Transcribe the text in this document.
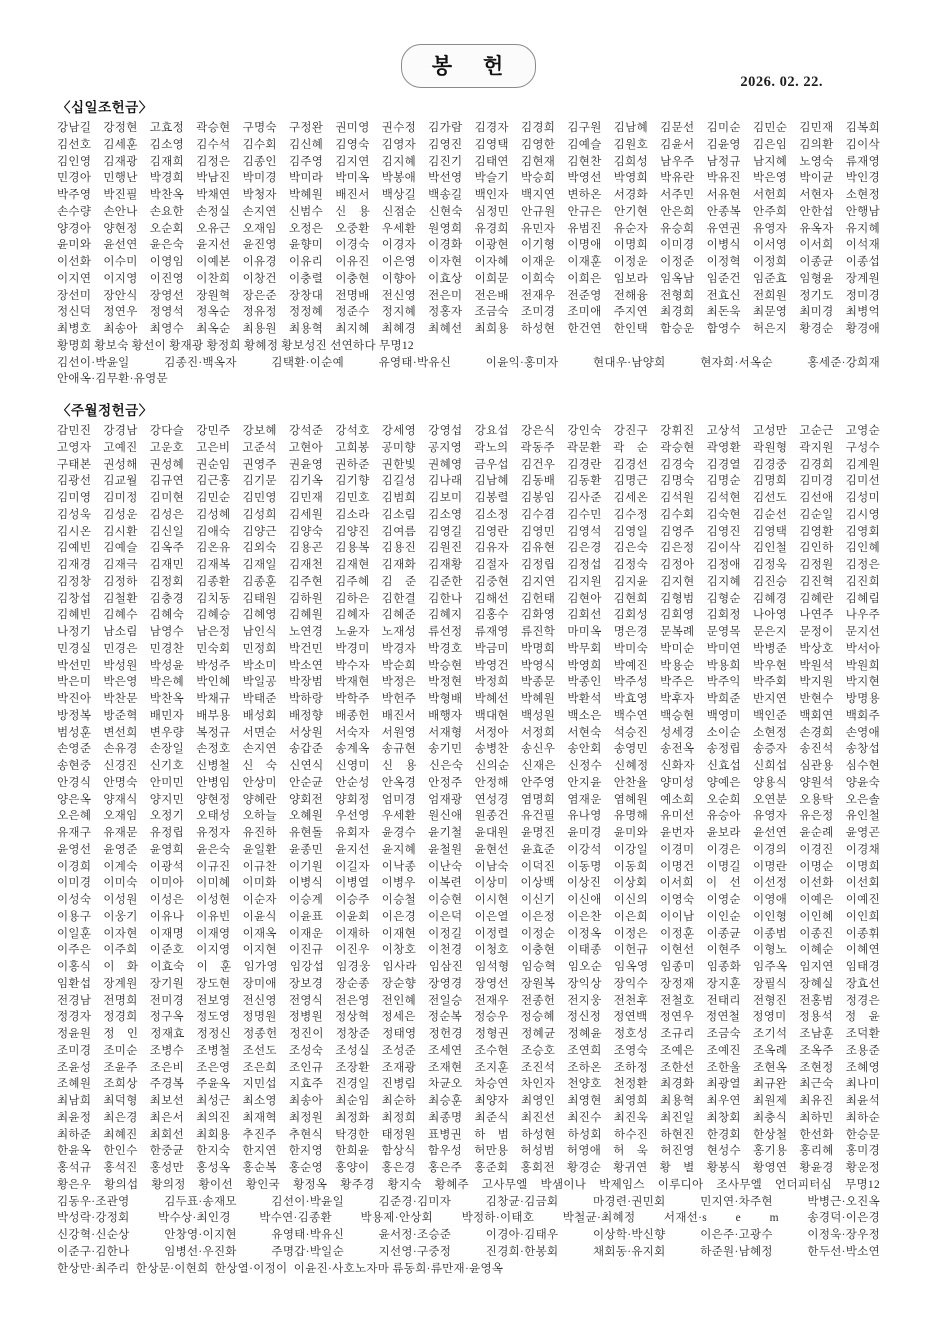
봉    헌
2026. 02. 22.
〈십일조헌금〉
강남길 강정현 고효정 곽승현 구명숙 구정완 권미영 권수정 김가람 김경자 김경희 김구원 김남혜 김문선 김미순 김민순 김민재 김복희
김선호 김세훈 김소영 김수석 김수회 김신혜 김영숙 김영자 김영진 김영택 김영한 김예슬 김원호 김윤서 김윤영 김은임 김의환 김이삭
김인영 김재광 김재희 김정은 김종인 김주영 김지연 김지혜 김진기 김태연 김현재 김현찬 김희성 남우주 남정규 남지혜 노영숙 류재영
민경아 민행난 박경희 박남진 박미경 박미라 박미옥 박봉애 박선영 박슬기 박승희 박영선 박영희 박유란 박유진 박은영 박이균 박인경
박주영 박진필 박찬옥 박채연 박청자 박혜원 배진서 백상길 백송길 백인자 백지연 변하온 서경화 서주민 서유현 서헌희 서현자 소현정
손수량 손안나 손요한 손정실 손지연 신범수 신 용 신점순 신현숙 심정민 안규원 안규은 안기현 안은희 안종복 안주희 안한섭 안행남
양경아 양현정 오순회 오유근 오재임 오정은 오중환 우세환 원영희 유경희 유민자 유범진 유순자 유승희 유연권 유영자 유옥자 유지혜
윤미와 윤선연 윤은숙 윤지선 윤진영 윤향미 이경숙 이경자 이경화 이광현 이기형 이명애 이명희 이미경 이병식 이서영 이서희 이석재
이선화 이수미 이영임 이예본 이유경 이유리 이유진 이은영 이자현 이자혜 이재운 이재훈 이정운 이정준 이정혁 이정희 이종균 이종섭
이지연 이지영 이진영 이찬희 이창건 이충렬 이충현 이향아 이효상 이희문 이희숙 이희은 임보라 임옥남 임준건 임준효 임형윤 장계원
장선미 장안식 장영선 장원혁 장은준 장창대 전명배 전신영 전은미 전은배 전재우 전준영 전해융 전형희 전효신 전희원 정기도 정미경
정신덕 정연우 정영석 정옥순 정유정 정정혜 정준수 정지혜 정홍자 조금숙 조미경 조미애 주지연 최경희 최돈욱 최문영 최미경 최병억
최병호 최송아 최영수 최옥순 최용원 최용혁 최지혜 최혜경 최혜선 최희용 하성현 한건연 한인택 함승운 함영수 허은지 황경순 황경애
황명희 황보숙 황선이 황재광 황정희 황혜정 황보성진 선연하다 무명12
김선이·박윤일 김종진·백옥자 김택환·이순예 유영태·박유신 이윤익·홍미자 현대우·남양희 현자희·서옥순 홍세준·강희재
안애옥·김무환·유영문
〈주월정헌금〉
감민진 강경남 강다슬 강민주 강보혜 강석준 강석호 강세영 강영섭 강요섭 강은식 강인숙 강진구 강휘진 고상석 고성만 고순근 고영순
고영자 고예진 고운호 고은비 고준석 고현아 고희봉 공미향 공지영 곽노의 곽동주 곽문환 곽 순 곽승현 곽영환 곽원형 곽지원 구성수
구태본 권성해 권성혜 권순임 권영주 권윤영 권하준 권한빛 권혜영 금우섭 김건우 김경란 김경선 김경숙 김경열 김경중 김경희 김계원
김광선 김교월 김규연 김근홍 김기문 김기옥 김기향 김길성 김나래 김남혜 김동배 김동환 김명근 김명숙 김명순 김명희 김미경 김미선
김미영 김미정 김미현 김민순 김민영 김민재 김민호 김범희 김보미 김봉렬 김봉임 김사준 김세온 김석원 김석현 김선도 김선애 김성미
김성욱 김성운 김성은 김성혜 김성희 김세원 김소라 김소림 김소영 김소정 김수겸 김수민 김수정 김수회 김숙현 김순선 김순일 김시영
김시온 김시환 김신일 김애숙 김양근 김양숙 김양진 김여름 김영길 김영란 김영민 김영석 김영일 김영주 김영진 김영택 김영환 김영회
김예빈 김예슬 김옥주 김온유 김외숙 김용곤 김용복 김용진 김원진 김유자 김유현 김은경 김은숙 김은정 김이삭 김인철 김인하 김인혜
김재경 김재극 김재민 김재복 김재일 김재천 김재현 김재화 김재황 김절자 김정립 김정섭 김정숙 김정아 김정애 김정욱 김정원 김정은
김정창 김정하 김정회 김종환 김종훈 김주현 김주혜 김 준 김준한 김중현 김지연 김지원 김지윤 김지현 김지혜 김진승 김진혁 김진희
김창섭 김철환 김충경 김치동 김태원 김하원 김하은 김한결 김한나 김해선 김헌태 김현아 김현희 김형범 김형순 김혜경 김혜란 김혜림
김혜빈 김혜수 김혜숙 김혜승 김혜영 김혜원 김혜자 김혜준 김혜지 김홍수 김화영 김회선 김회성 김회영 김회정 나아영 나연주 나우주
나정기 남소림 남영수 남은정 남인식 노연경 노윤자 노재성 류선정 류재영 류진학 마미옥 명은경 문복례 문영목 문은지 문정이 문지선
민경실 민경은 민경찬 민숙회 민정희 박건민 박경미 박경자 박경호 박금미 박명희 박무회 박미숙 박미순 박미연 박병준 박상호 박서아
박선민 박성원 박성윤 박성주 박소미 박소연 박수자 박순희 박승현 박영건 박영식 박영희 박예진 박용순 박용희 박우현 박원석 박원희
박은미 박은영 박은혜 박인혜 박일공 박장범 박재현 박정은 박정현 박정희 박종문 박종인 박주성 박주은 박주익 박주회 박지원 박지현
박진아 박찬문 박찬옥 박채규 박태준 박하랑 박학주 박헌주 박형배 박혜선 박혜원 박환석 박효영 박후자 박희준 반지연 반현수 방명용
방정복 방준혁 배민자 배부용 배성회 배정향 배종헌 배진서 배행자 백대현 백성원 백소은 백수연 백승현 백영미 백인준 백회연 백회주
범성훈 변선희 변우량 복정규 서면순 서상원 서숙자 서원영 서재형 서정아 서정희 서현숙 석승진 성세경 소이순 소현정 손경희 손영애
손영준 손유경 손장일 손정호 손지연 송갑준 송계옥 송규현 송기민 송병찬 송신우 송안회 송영민 송전옥 송정립 송증자 송진석 송창섭
송현중 신경진 신기호 신병철 신 숙 신연식 신영미 신 용 신은숙 신의순 신재은 신정수 신혜정 신화자 신효섭 신희섭 심관용 심수현
안경식 안명숙 안미민 안병임 안상미 안순균 안순성 안옥경 안정주 안정해 안주영 안지윤 안찬율 양미성 양예은 양용식 양원석 양윤숙
양은옥 양재식 양지민 양현정 양혜란 양회전 양회정 엄미경 엄재광 연성경 염명희 염재운 염혜원 예소희 오순희 오연분 오용탁 오은솔
오은혜 오재임 오정기 오태성 오하늘 오혜원 우선영 우세환 원신애 원종건 유건필 유나영 유명해 유미선 유승아 유영자 유은정 유인철
유재구 유재문 유정립 유정자 유진하 유현돌 유회자 윤경수 윤기철 윤대원 윤명진 윤미경 윤미와 윤번자 윤보라 윤선연 윤순례 윤영곤
윤영선 윤영준 윤영희 윤은숙 윤일환 윤종민 윤지선 윤지혜 윤철원 윤현선 윤효준 이강석 이강일 이경미 이경은 이경의 이경진 이경채
이경희 이계숙 이광석 이규진 이규찬 이기원 이길자 이낙종 이난숙 이남숙 이덕진 이동명 이동희 이명건 이명길 이명란 이명순 이명희
이미경 이미숙 이미아 이미혜 이미화 이병식 이병열 이병우 이복련 이상미 이상백 이상진 이상회 이서희 이 선 이선정 이선화 이선회
이성숙 이성원 이성은 이성현 이순자 이승계 이승주 이승철 이승현 이시현 이신기 이신애 이신의 이영숙 이영순 이영애 이예은 이예진
이용구 이웅기 이유나 이유빈 이윤식 이윤표 이윤회 이은경 이은덕 이은열 이은정 이은찬 이은희 이이남 이인순 이인형 이인혜 이인희
이일훈 이자현 이재명 이재영 이재옥 이재운 이재하 이재현 이정길 이정렬 이정순 이정옥 이정은 이정훈 이종균 이종범 이종진 이종휘
이주은 이주희 이준호 이지영 이지현 이진규 이진우 이창호 이천경 이청호 이충현 이태종 이헌규 이현선 이현주 이형노 이혜순 이혜연
이홍식 이 화 이효숙 이 훈 임가영 임강섭 임경웅 임사라 임삼진 임석형 임승혁 임오순 임옥영 임종미 임종화 임주옥 임지연 임태경
임환섭 장계원 장기원 장도현 장미애 장보경 장순종 장순향 장영경 장영선 장원복 장익상 장익수 장정재 장지훈 장필식 장혜실 장효선
전경남 전명희 전미경 전보영 전신영 전영식 전은영 전인혜 전일승 전재우 전종헌 전지웅 전천후 전철호 전태리 전형진 전홍범 정경은
정경자 정경희 정구옥 정도영 정명원 정병원 정상혁 정세은 정순복 정승우 정승혜 정신정 정연백 정연우 정연철 정영미 정용석 정 윤
정윤원 정 인 정재효 정정신 정종헌 정진이 정창준 정태영 정헌경 정형권 정혜균 정혜윤 정호성 조규리 조금숙 조기석 조남훈 조덕환
조미경 조미순 조병수 조병철 조선도 조성숙 조성실 조성준 조세연 조수현 조승호 조연희 조영숙 조예은 조예진 조옥례 조옥주 조용준
조윤성 조윤주 조은비 조은영 조은희 조인규 조장환 조재광 조재현 조지훈 조진석 조하온 조하정 조한선 조한울 조현옥 조현정 조혜영
조혜원 조희상 주경복 주윤옥 지민섭 지효주 진경일 진병림 차균오 차승연 차인자 천양호 천정환 최경화 최광열 최규완 최근숙 최나미
최남희 최덕형 최보선 최성근 최소영 최송아 최순임 최순하 최승훈 최양자 최영인 최영현 최영희 최용혁 최우연 최원제 최유진 최윤석
최윤정 최은경 최은서 최의진 최재혁 최정원 최정화 최정희 최종명 최준식 최진선 최진수 최진욱 최진일 최창회 최충식 최하민 최하순
최하준 최혜진 최회선 최회용 추진주 추현식 탁경한 태정원 표병권 하 범 하성현 하성회 하수진 하현진 한경회 한상철 한선화 한승문
한윤옥 한인수 한중균 한지숙 한지연 한지영 한희윤 함상식 함우성 허만용 허성범 허영애 허 욱 허진영 현성수 홍기용 홍리혜 홍미경
홍석규 홍석진 홍성만 홍성옥 홍순복 홍순영 홍양이 홍은경 홍은주 홍준회 홍회전 황경순 황귀연 황 별 황봉식 황영연 황윤경 황운정
황은우 황의섭 황의정 황이선 황인국 황정옥 황주경 황지숙 황혜주 고사무엘 박샘이나 박제임스 이루디아 조사무엘 언더피터심 무명12
김동우·조관영 김두표·송재모 김선이·박윤일 김준경·김미자 김창균·김금회 마경련·권민회 민지연·차주현 박병근·오진옥
박성락·강정회 박수상·최인경 박수연·김종환 박용제·안상회 박정하·이태호 박철균·최혜정 서재선·s e m 송경덕·이은경
신강혁·신순상 안창영·이지현 유영태·박유신 윤서정·조승준 이경아·김태우 이상학·박신향 이은주·고광수 이정욱·장우정
이준구·김한나 임병선·우진화 주명갑·박일순 지선영·구중정 진경희·한봉회 채회동·유지회 하준원·남혜정 한두선·박소연
한상만·최주리  한상문·이현희  한상열·이정이  이윤진·사호노자마 류동희·류만재·윤영옥
